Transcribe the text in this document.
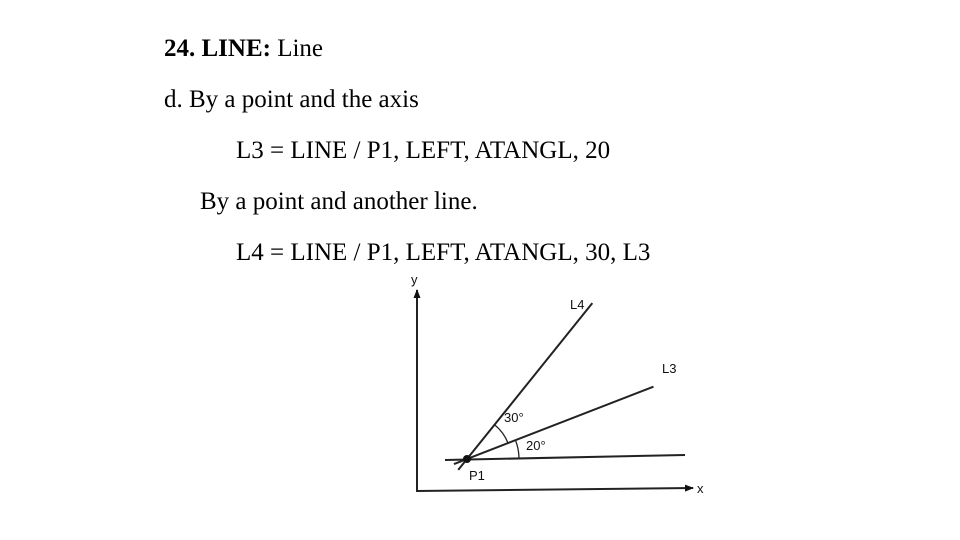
24. LINE: Line
d. By a point and the axis
L3 = LINE / P1, LEFT, ATANGL, 20
By a point and another line.
L4 = LINE / P1, LEFT, ATANGL, 30, L3
y
x
P1
L3
L4
20°
30°
